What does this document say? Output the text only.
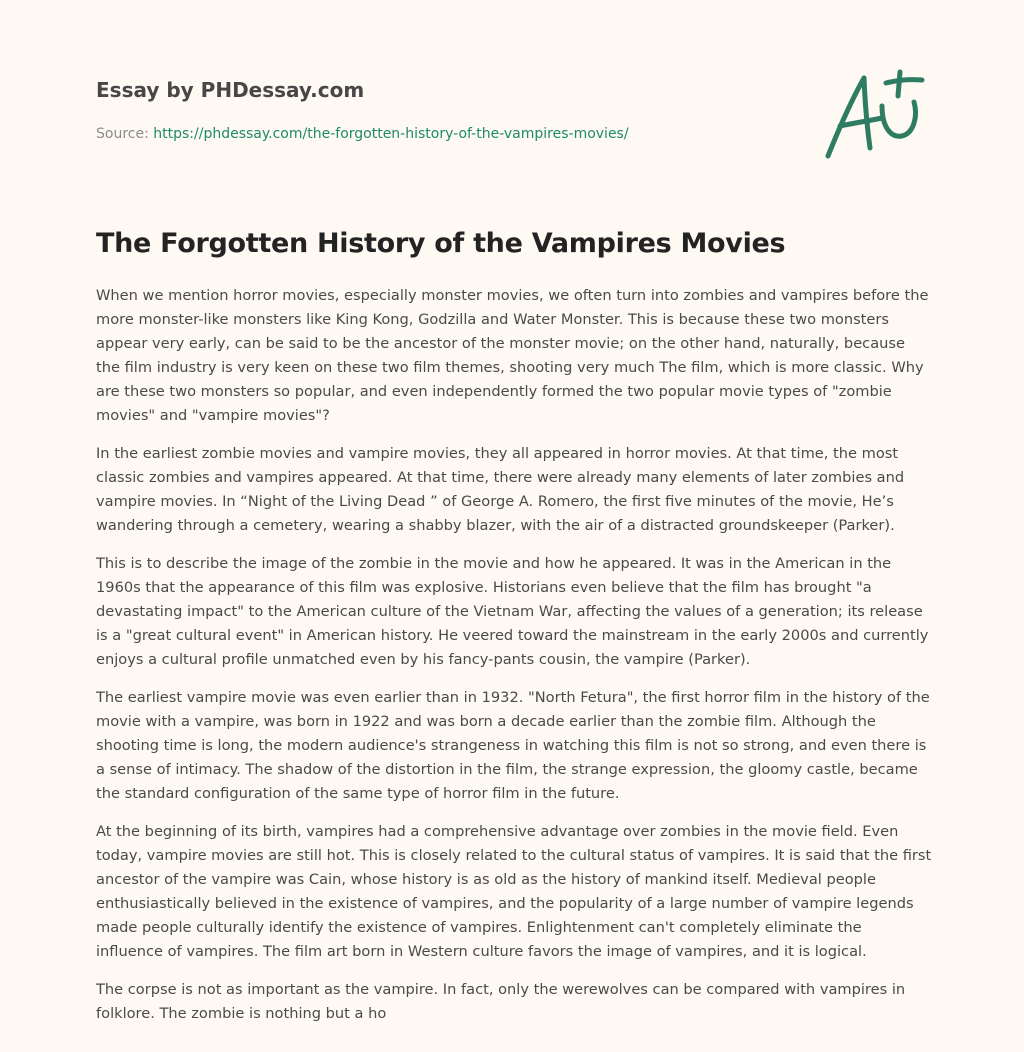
Essay by PHDessay.com
Source: https://phdessay.com/the-forgotten-history-of-the-vampires-movies/
The Forgotten History of the Vampires Movies

When we mention horror movies, especially monster movies, we often turn into zombies and vampires before the more monster-like monsters like King Kong, Godzilla and Water Monster. This is because these two monsters appear very early, can be said to be the ancestor of the monster movie; on the other hand, naturally, because the film industry is very keen on these two film themes, shooting very much The film, which is more classic. Why are these two monsters so popular, and even independently formed the two popular movie types of "zombie movies" and "vampire movies"?

In the earliest zombie movies and vampire movies, they all appeared in horror movies. At that time, the most classic zombies and vampires appeared. At that time, there were already many elements of later zombies and vampire movies. In “Night of the Living Dead ” of George A. Romero, the first five minutes of the movie, He’s wandering through a cemetery, wearing a shabby blazer, with the air of a distracted groundskeeper (Parker).

This is to describe the image of the zombie in the movie and how he appeared. It was in the American in the 1960s that the appearance of this film was explosive. Historians even believe that the film has brought "a devastating impact" to the American culture of the Vietnam War, affecting the values of a generation; its release is a "great cultural event" in American history. He veered toward the mainstream in the early 2000s and currently enjoys a cultural profile unmatched even by his fancy-pants cousin, the vampire (Parker).

The earliest vampire movie was even earlier than in 1932. "North Fetura", the first horror film in the history of the movie with a vampire, was born in 1922 and was born a decade earlier than the zombie film. Although the shooting time is long, the modern audience's strangeness in watching this film is not so strong, and even there is a sense of intimacy. The shadow of the distortion in the film, the strange expression, the gloomy castle, became the standard configuration of the same type of horror film in the future.

At the beginning of its birth, vampires had a comprehensive advantage over zombies in the movie field. Even today, vampire movies are still hot. This is closely related to the cultural status of vampires. It is said that the first ancestor of the vampire was Cain, whose history is as old as the history of mankind itself. Medieval people enthusiastically believed in the existence of vampires, and the popularity of a large number of vampire legends made people culturally identify the existence of vampires. Enlightenment can't completely eliminate the influence of vampires. The film art born in Western culture favors the image of vampires, and it is logical.

The corpse is not as important as the vampire. In fact, only the werewolves can be compared with vampires in folklore. The zombie is nothing but a ho
